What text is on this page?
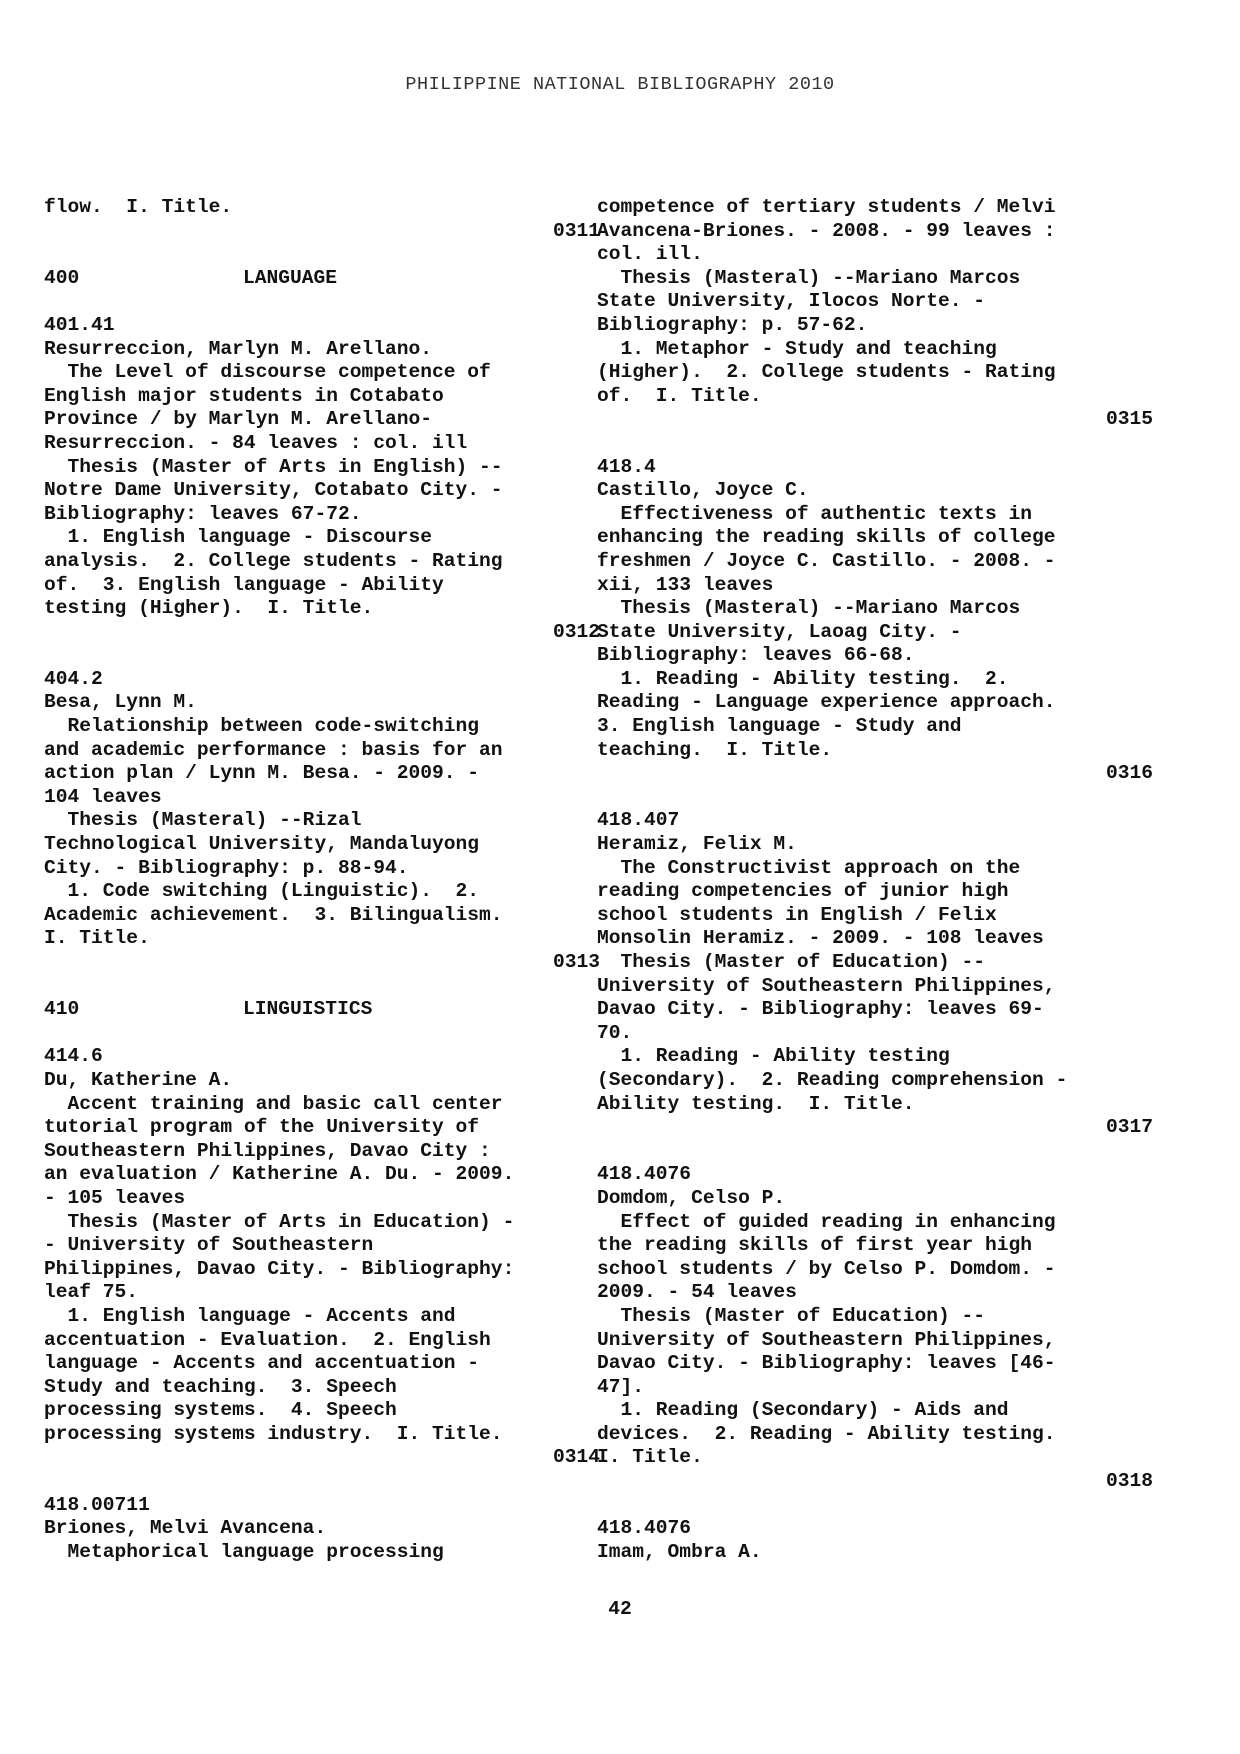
PHILIPPINE NATIONAL BIBLIOGRAPHY 2010
flow.  I. Title.
0311
400	LANGUAGE
401.41
Resurreccion, Marlyn M. Arellano.
The Level of discourse competence of
English major students in Cotabato
Province / by Marlyn M. Arellano-
Resurreccion. - 84 leaves : col. ill
Thesis (Master of Arts in English) --
Notre Dame University, Cotabato City. -
Bibliography: leaves 67-72.
1. English language - Discourse
analysis.  2. College students - Rating
of.  3. English language - Ability
testing (Higher).  I. Title.
0312
404.2
Besa, Lynn M.
Relationship between code-switching
and academic performance : basis for an
action plan / Lynn M. Besa. - 2009. -
104 leaves
Thesis (Masteral) --Rizal
Technological University, Mandaluyong
City. - Bibliography: p. 88-94.
1. Code switching (Linguistic).  2.
Academic achievement.  3. Bilingualism.
I. Title.
0313
410	LINGUISTICS
414.6
Du, Katherine A.
Accent training and basic call center
tutorial program of the University of
Southeastern Philippines, Davao City :
an evaluation / Katherine A. Du. - 2009.
- 105 leaves
Thesis (Master of Arts in Education) -
- University of Southeastern
Philippines, Davao City. - Bibliography:
leaf 75.
1. English language - Accents and
accentuation - Evaluation.  2. English
language - Accents and accentuation -
Study and teaching.  3. Speech
processing systems.  4. Speech
processing systems industry.  I. Title.
0314
418.00711
Briones, Melvi Avancena.
Metaphorical language processing
competence of tertiary students / Melvi
Avancena-Briones. - 2008. - 99 leaves :
col. ill.
Thesis (Masteral) --Mariano Marcos
State University, Ilocos Norte. -
Bibliography: p. 57-62.
1. Metaphor - Study and teaching
(Higher).  2. College students - Rating
of.  I. Title.
0315
418.4
Castillo, Joyce C.
Effectiveness of authentic texts in
enhancing the reading skills of college
freshmen / Joyce C. Castillo. - 2008. -
xii, 133 leaves
Thesis (Masteral) --Mariano Marcos
State University, Laoag City. -
Bibliography: leaves 66-68.
1. Reading - Ability testing.  2.
Reading - Language experience approach.
3. English language - Study and
teaching.  I. Title.
0316
418.407
Heramiz, Felix M.
The Constructivist approach on the
reading competencies of junior high
school students in English / Felix
Monsolin Heramiz. - 2009. - 108 leaves
Thesis (Master of Education) --
University of Southeastern Philippines,
Davao City. - Bibliography: leaves 69-
70.
1. Reading - Ability testing
(Secondary).  2. Reading comprehension -
Ability testing.  I. Title.
0317
418.4076
Domdom, Celso P.
Effect of guided reading in enhancing
the reading skills of first year high
school students / by Celso P. Domdom. -
2009. - 54 leaves
Thesis (Master of Education) --
University of Southeastern Philippines,
Davao City. - Bibliography: leaves [46-
47].
1. Reading (Secondary) - Aids and
devices.  2. Reading - Ability testing.
I. Title.
0318
418.4076
Imam, Ombra A.
42
